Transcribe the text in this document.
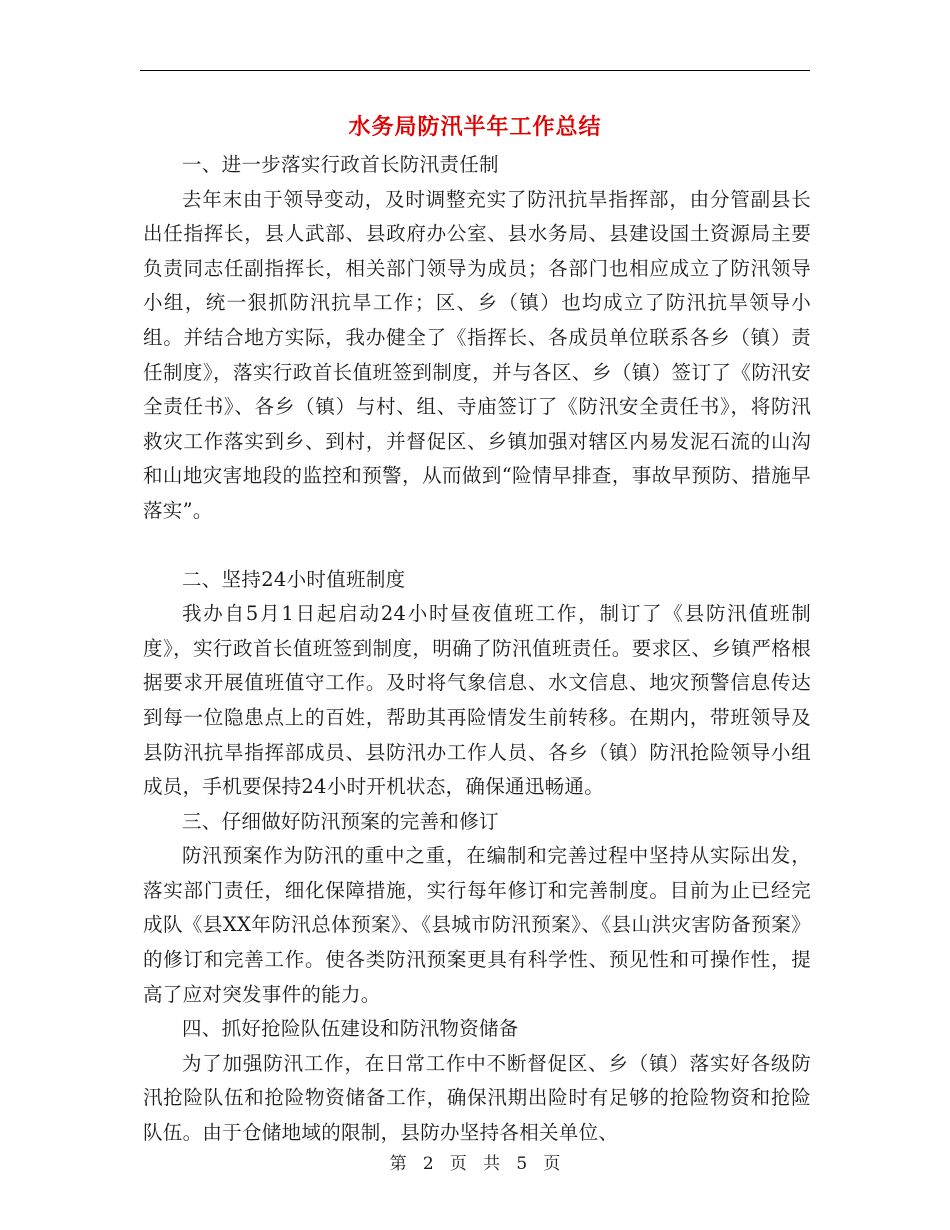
水务局防汛半年工作总结

一、进一步落实行政首长防汛责任制

去年末由于领导变动，及时调整充实了防汛抗旱指挥部，由分管副县长出任指挥长，县人武部、县政府办公室、县水务局、县建设国土资源局主要负责同志任副指挥长，相关部门领导为成员；各部门也相应成立了防汛领导小组，统一狠抓防汛抗旱工作；区、乡（镇）也均成立了防汛抗旱领导小组。并结合地方实际，我办健全了《指挥长、各成员单位联系各乡（镇）责任制度》，落实行政首长值班签到制度，并与各区、乡（镇）签订了《防汛安全责任书》、各乡（镇）与村、组、寺庙签订了《防汛安全责任书》，将防汛救灾工作落实到乡、到村，并督促区、乡镇加强对辖区内易发泥石流的山沟和山地灾害地段的监控和预警，从而做到“险情早排查，事故早预防、措施早落实”。

二、坚持24小时值班制度

我办自5月1日起启动24小时昼夜值班工作，制订了《县防汛值班制度》，实行政首长值班签到制度，明确了防汛值班责任。要求区、乡镇严格根据要求开展值班值守工作。及时将气象信息、水文信息、地灾预警信息传达到每一位隐患点上的百姓，帮助其再险情发生前转移。在期内，带班领导及县防汛抗旱指挥部成员、县防汛办工作人员、各乡（镇）防汛抢险领导小组成员，手机要保持24小时开机状态，确保通迅畅通。

三、仔细做好防汛预案的完善和修订

防汛预案作为防汛的重中之重，在编制和完善过程中坚持从实际出发，落实部门责任，细化保障措施，实行每年修订和完善制度。目前为止已经完成队《县XX年防汛总体预案》、《县城市防汛预案》、《县山洪灾害防备预案》的修订和完善工作。使各类防汛预案更具有科学性、预见性和可操作性，提高了应对突发事件的能力。

四、抓好抢险队伍建设和防汛物资储备

为了加强防汛工作，在日常工作中不断督促区、乡（镇）落实好各级防汛抢险队伍和抢险物资储备工作，确保汛期出险时有足够的抢险物资和抢险队伍。由于仓储地域的限制，县防办坚持各相关单位、

第 2 页 共 5 页
